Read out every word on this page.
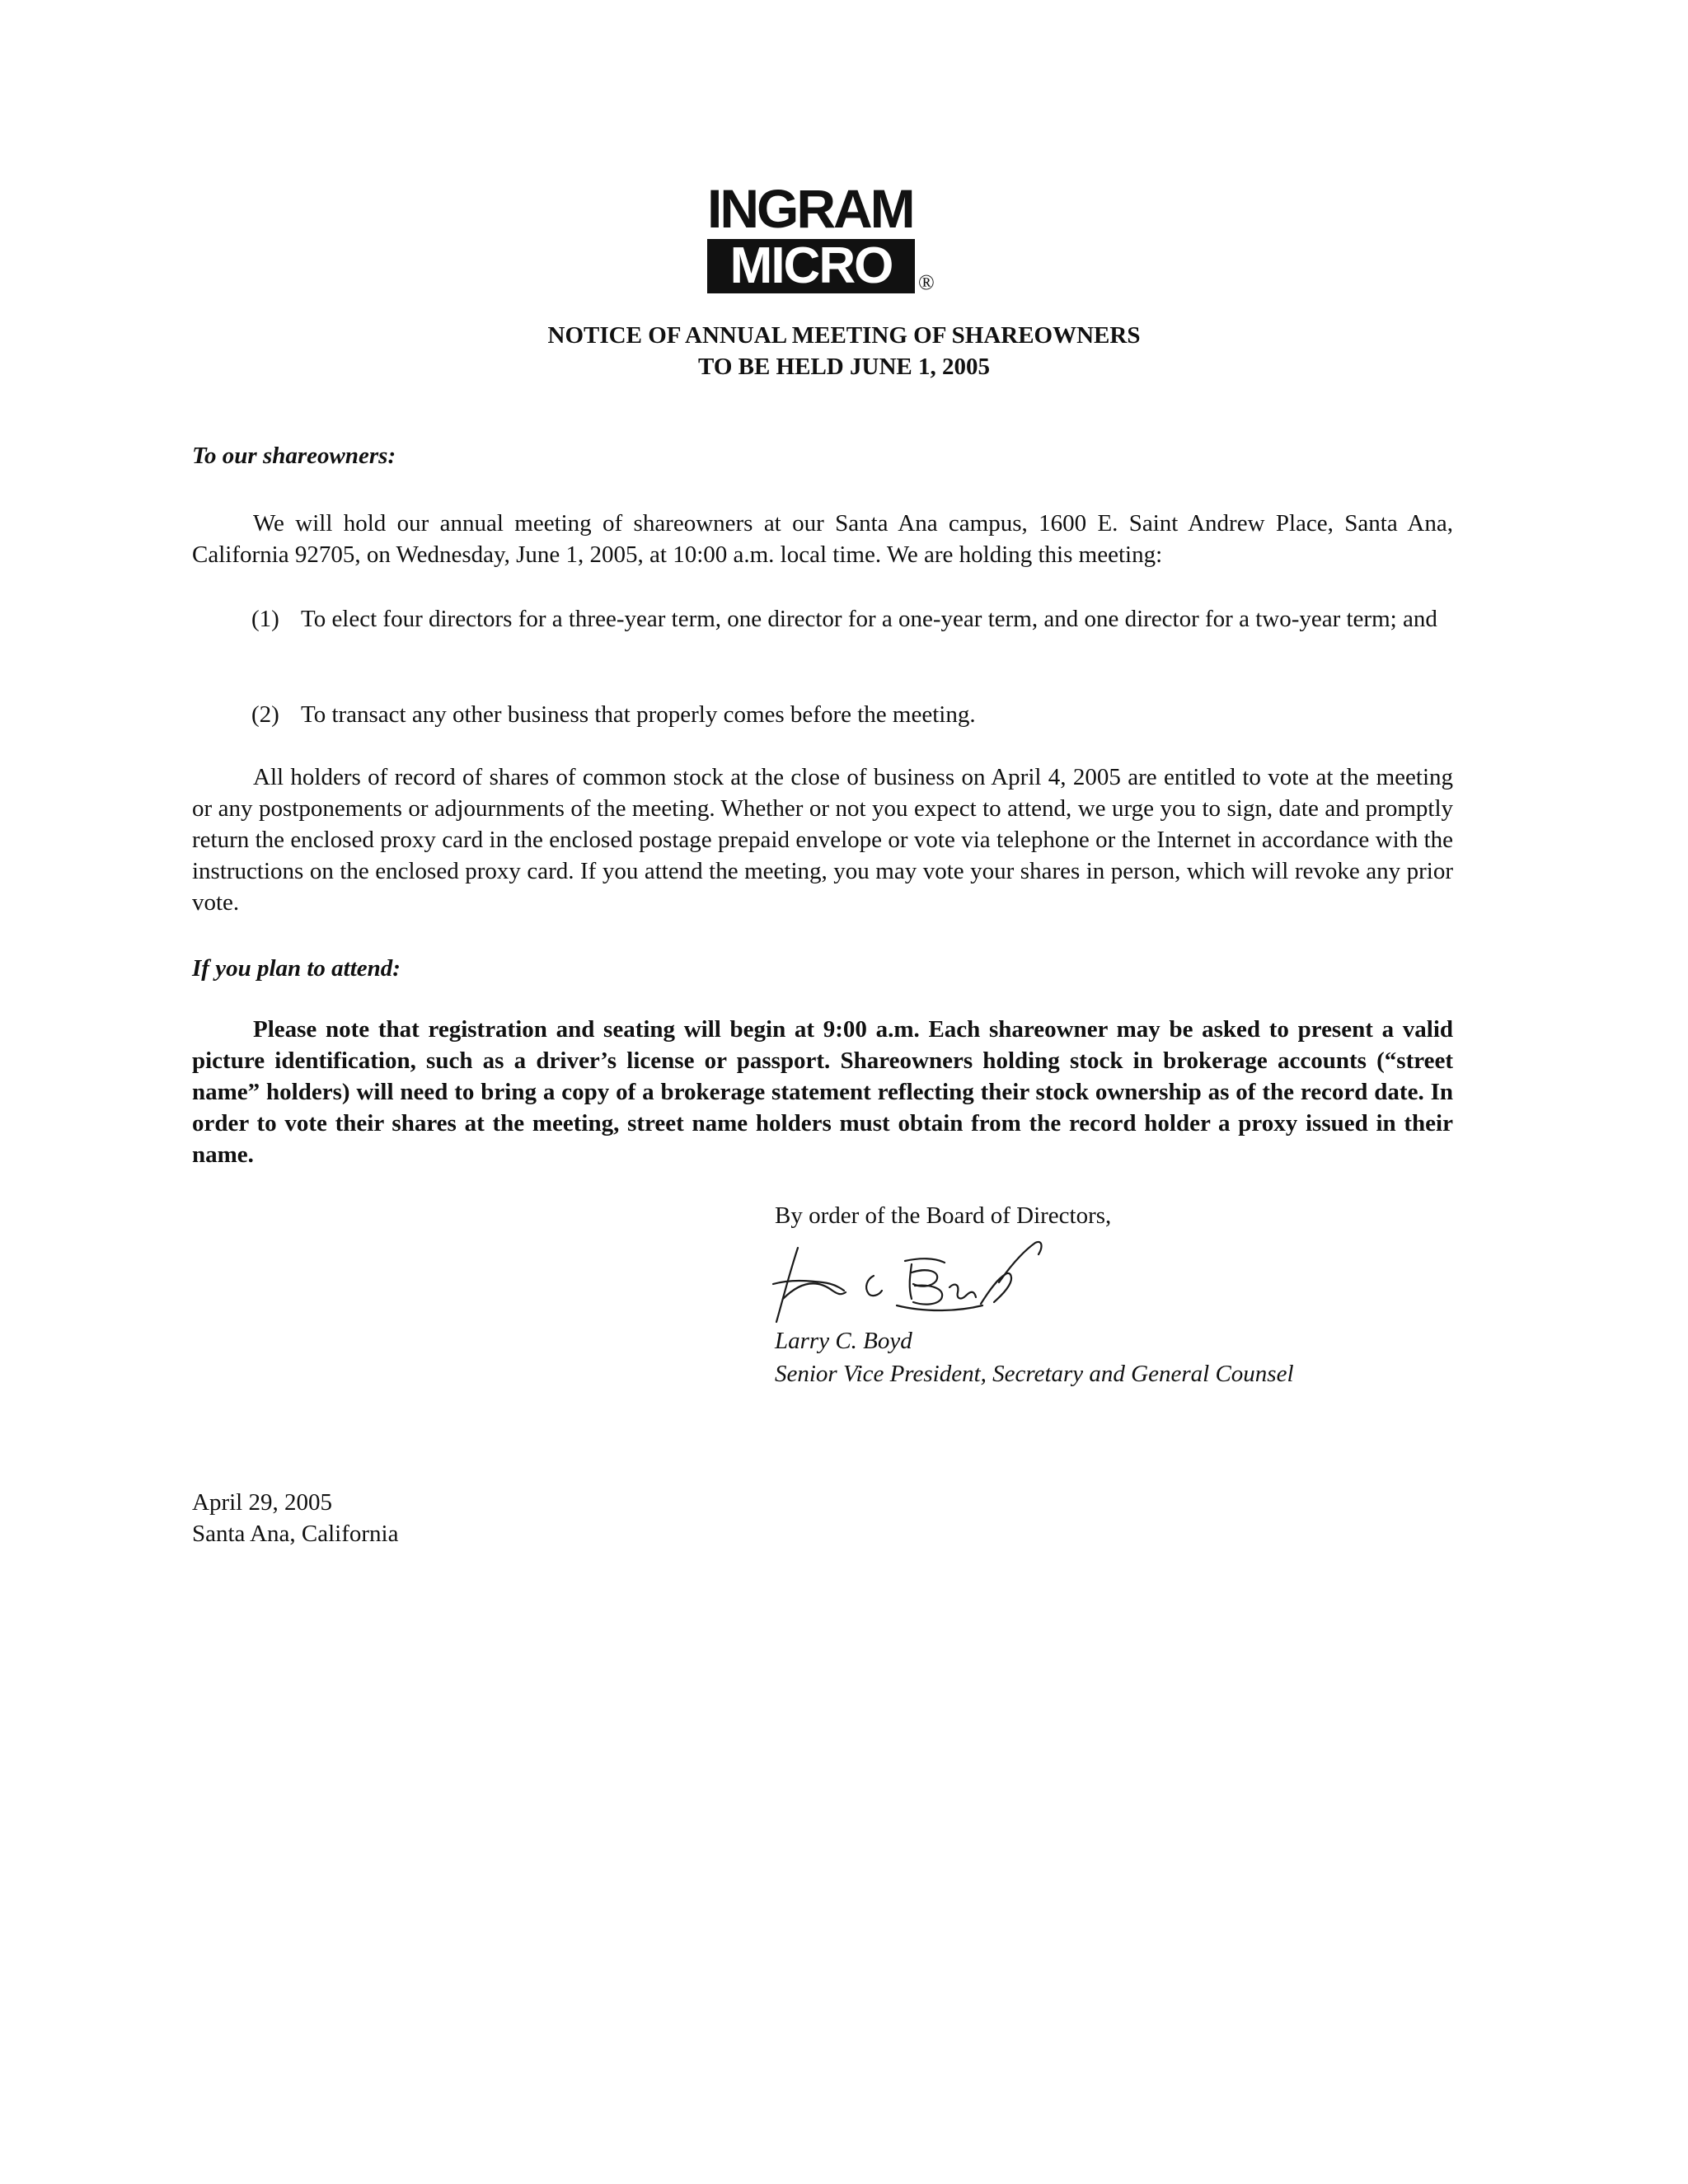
INGRAM
MICRO	®
NOTICE OF ANNUAL MEETING OF SHAREOWNERS
TO BE HELD JUNE 1, 2005
To our shareowners:
We will hold our annual meeting of shareowners at our Santa Ana campus, 1600 E. Saint Andrew Place, Santa Ana, California 92705, on Wednesday, June 1, 2005, at 10:00 a.m. local time. We are holding this meeting:
(1) To elect four directors for a three-year term, one director for a one-year term, and one director for a two-year term; and
(2) To transact any other business that properly comes before the meeting.
All holders of record of shares of common stock at the close of business on April 4, 2005 are entitled to vote at the meeting or any postponements or adjournments of the meeting. Whether or not you expect to attend, we urge you to sign, date and promptly return the enclosed proxy card in the enclosed postage prepaid envelope or vote via telephone or the Internet in accordance with the instructions on the enclosed proxy card. If you attend the meeting, you may vote your shares in person, which will revoke any prior vote.
If you plan to attend:
Please note that registration and seating will begin at 9:00 a.m. Each shareowner may be asked to present a valid picture identification, such as a driver’s license or passport. Shareowners holding stock in brokerage accounts (“street name” holders) will need to bring a copy of a brokerage statement reflecting their stock ownership as of the record date. In order to vote their shares at the meeting, street name holders must obtain from the record holder a proxy issued in their name.
By order of the Board of Directors,
Larry C. Boyd
Senior Vice President, Secretary and General Counsel
April 29, 2005
Santa Ana, California
